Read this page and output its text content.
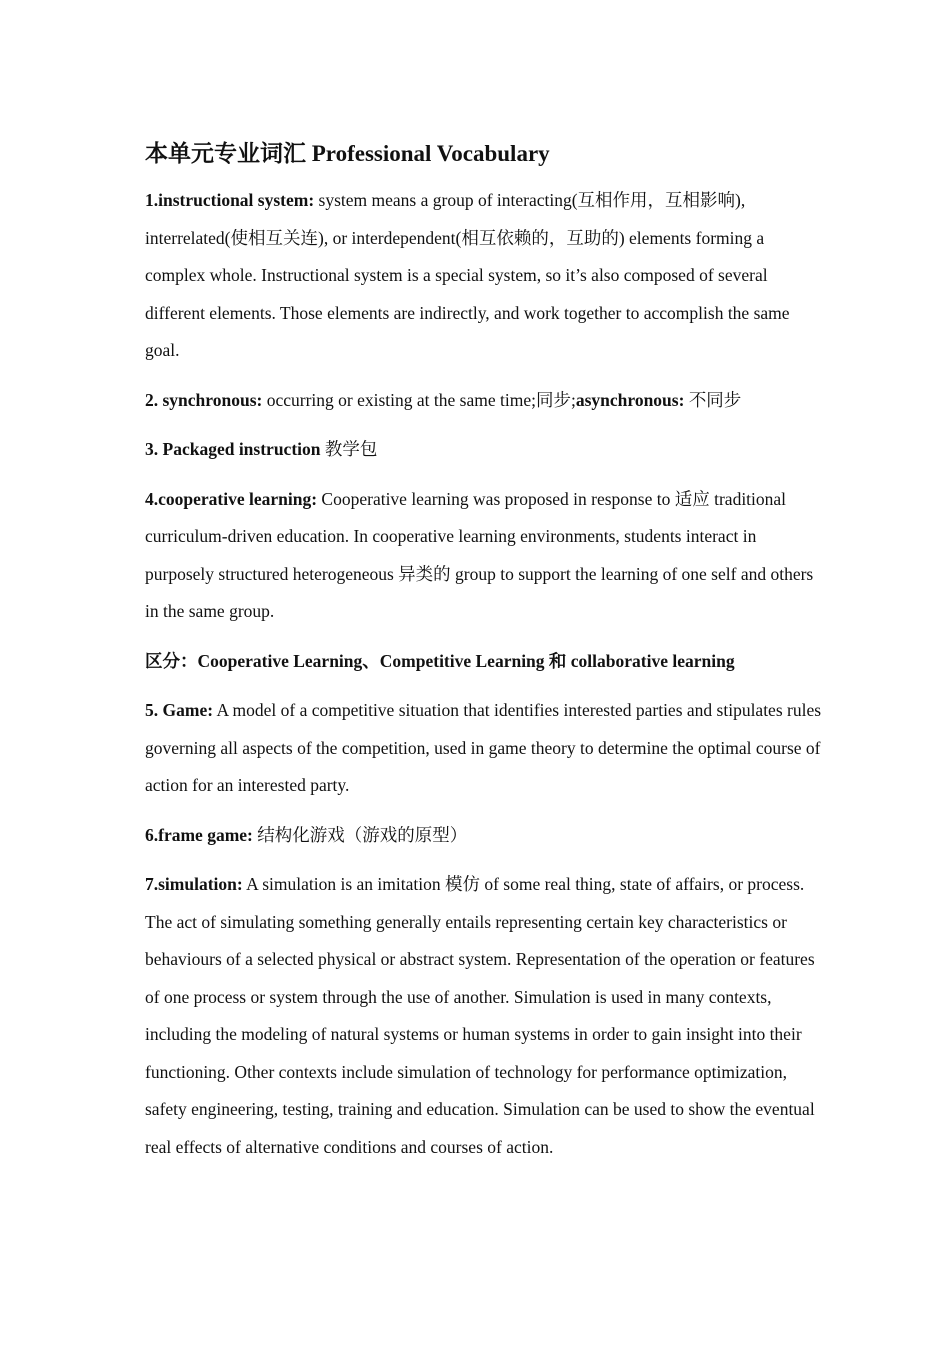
本单元专业词汇 Professional Vocabulary

1.instructional system: system means a group of interacting(互相作用，互相影响), interrelated(使相互关连), or interdependent(相互依赖的，互助的) elements forming a complex whole. Instructional system is a special system, so it’s also composed of several different elements. Those elements are indirectly, and work together to accomplish the same goal.

2. synchronous: occurring or existing at the same time;同步;asynchronous: 不同步

3. Packaged instruction 教学包

4.cooperative learning: Cooperative learning was proposed in response to 适应 traditional curriculum-driven education. In cooperative learning environments, students interact in purposely structured heterogeneous 异类的 group to support the learning of one self and others in the same group.

区分：Cooperative Learning、Competitive Learning 和 collaborative learning

5. Game: A model of a competitive situation that identifies interested parties and stipulates rules governing all aspects of the competition, used in game theory to determine the optimal course of action for an interested party.

6.frame game: 结构化游戏（游戏的原型）

7.simulation: A simulation is an imitation 模仿 of some real thing, state of affairs, or process. The act of simulating something generally entails representing certain key characteristics or behaviours of a selected physical or abstract system. Representation of the operation or features of one process or system through the use of another. Simulation is used in many contexts, including the modeling of natural systems or human systems in order to gain insight into their functioning. Other contexts include simulation of technology for performance optimization, safety engineering, testing, training and education. Simulation can be used to show the eventual real effects of alternative conditions and courses of action.
